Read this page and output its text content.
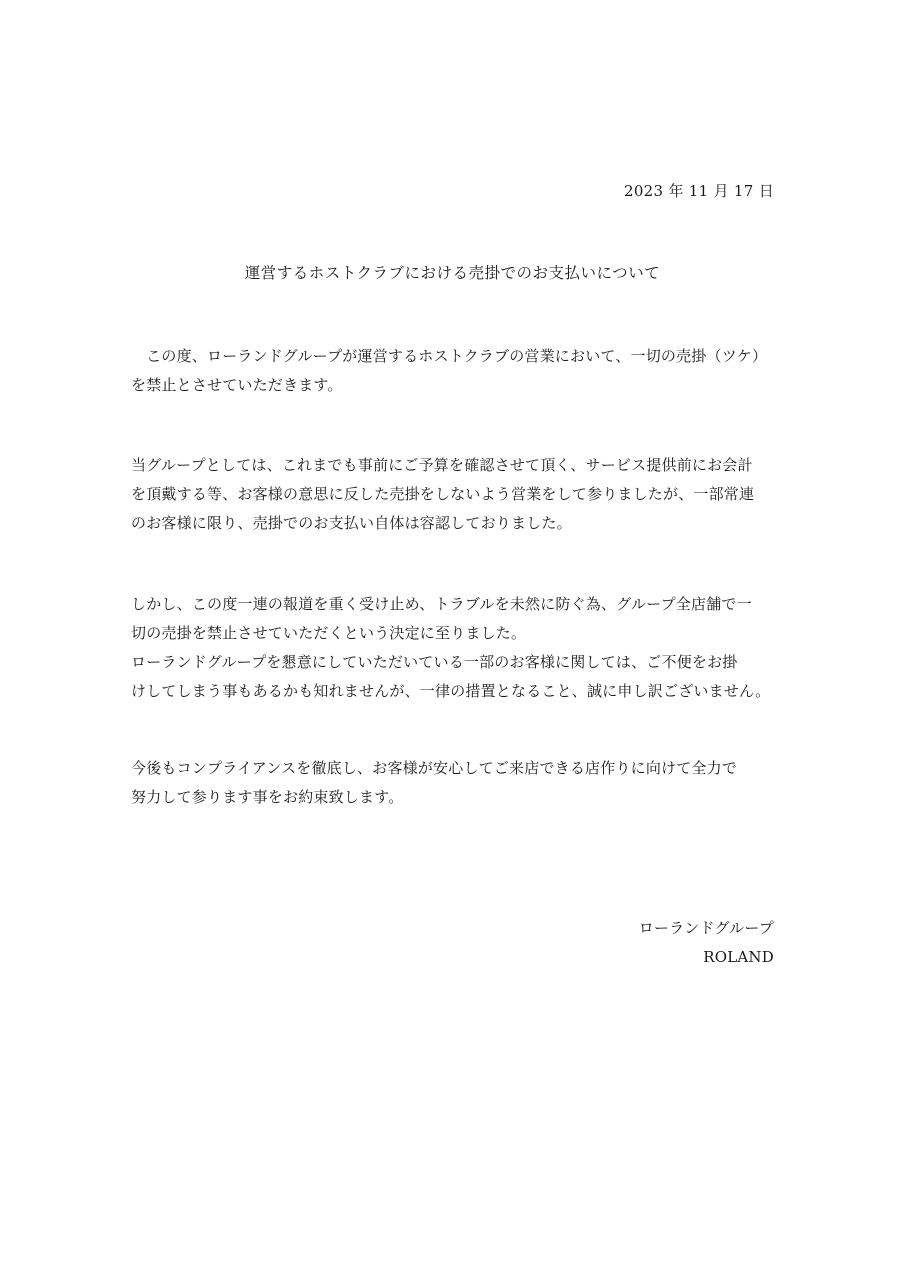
2023 年 11 月 17 日
運営するホストクラブにおける売掛でのお支払いについて
　この度、ローランドグループが運営するホストクラブの営業において、一切の売掛（ツケ）
を禁止とさせていただきます。
当グループとしては、これまでも事前にご予算を確認させて頂く、サービス提供前にお会計
を頂戴する等、お客様の意思に反した売掛をしないよう営業をして参りましたが、一部常連
のお客様に限り、売掛でのお支払い自体は容認しておりました。
しかし、この度一連の報道を重く受け止め、トラブルを未然に防ぐ為、グループ全店舗で一
切の売掛を禁止させていただくという決定に至りました。
ローランドグループを懇意にしていただいている一部のお客様に関しては、ご不便をお掛
けしてしまう事もあるかも知れませんが、一律の措置となること、誠に申し訳ございません。
今後もコンプライアンスを徹底し、お客様が安心してご来店できる店作りに向けて全力で
努力して参ります事をお約束致します。
ローランドグループ
ROLAND
